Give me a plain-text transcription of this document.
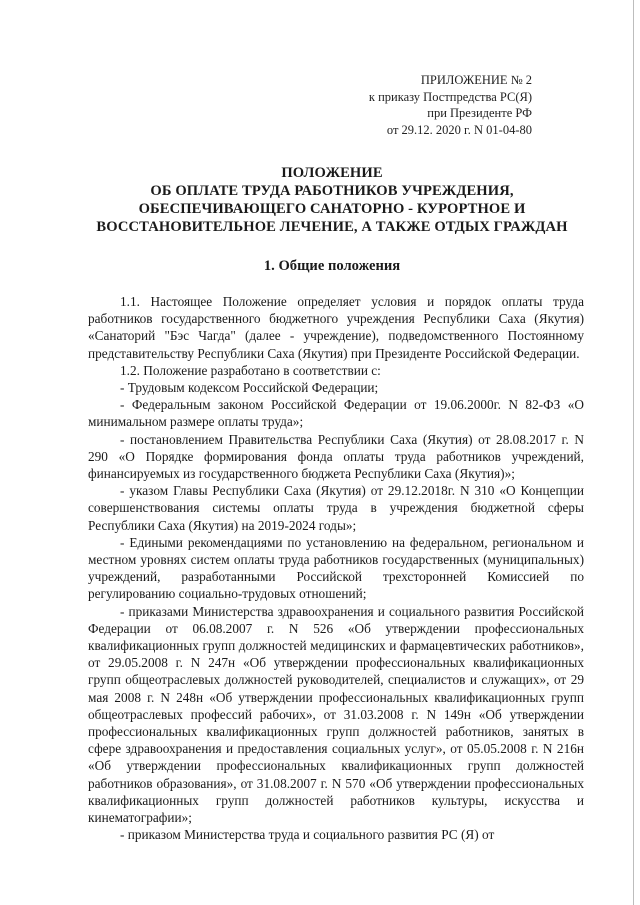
ПРИЛОЖЕНИЕ № 2
к приказу Постпредства РС(Я)
при Президенте РФ
от 29.12. 2020 г. N 01-04-80
ПОЛОЖЕНИЕ
ОБ ОПЛАТЕ ТРУДА РАБОТНИКОВ УЧРЕЖДЕНИЯ,
ОБЕСПЕЧИВАЮЩЕГО САНАТОРНО - КУРОРТНОЕ И
ВОССТАНОВИТЕЛЬНОЕ ЛЕЧЕНИЕ, А ТАКЖЕ ОТДЫХ ГРАЖДАН
1. Общие положения

1.1. Настоящее Положение определяет условия и порядок оплаты труда работников государственного бюджетного учреждения Республики Саха (Якутия) «Санаторий "Бэс Чагда" (далее - учреждение), подведомственного Постоянному представительству Республики Саха (Якутия) при Президенте Российской Федерации.

1.2. Положение разработано в соответствии с:

- Трудовым кодексом Российской Федерации;

- Федеральным законом Российской Федерации от 19.06.2000г. N 82-ФЗ «О минимальном размере оплаты труда»;

- постановлением Правительства Республики Саха (Якутия) от 28.08.2017 г. N 290 «О Порядке формирования фонда оплаты труда работников учреждений, финансируемых из государственного бюджета Республики Саха (Якутия)»;

- указом Главы Республики Саха (Якутия) от 29.12.2018г. N 310 «О Концепции совершенствования системы оплаты труда в учреждения бюджетной сферы Республики Саха (Якутия) на 2019-2024 годы»;

- Едиными рекомендациями по установлению на федеральном, региональном и местном уровнях систем оплаты труда работников государственных (муниципальных) учреждений, разработанными Российской трехсторонней Комиссией по регулированию социально-трудовых отношений;

- приказами Министерства здравоохранения и социального развития Российской Федерации от 06.08.2007 г. N 526 «Об утверждении профессиональных квалификационных групп должностей медицинских и фармацевтических работников», от 29.05.2008 г. N 247н «Об утверждении профессиональных квалификационных групп общеотраслевых должностей руководителей, специалистов и служащих», от 29 мая 2008 г. N 248н «Об утверждении профессиональных квалификационных групп общеотраслевых профессий рабочих», от 31.03.2008 г. N 149н «Об утверждении профессиональных квалификационных групп должностей работников, занятых в сфере здравоохранения и предоставления социальных услуг», от 05.05.2008 г. N 216н «Об утверждении профессиональных квалификационных групп должностей работников образования», от 31.08.2007 г. N 570 «Об утверждении профессиональных квалификационных групп должностей работников культуры, искусства и кинематографии»;

- приказом Министерства труда и социального развития РС (Я) от
